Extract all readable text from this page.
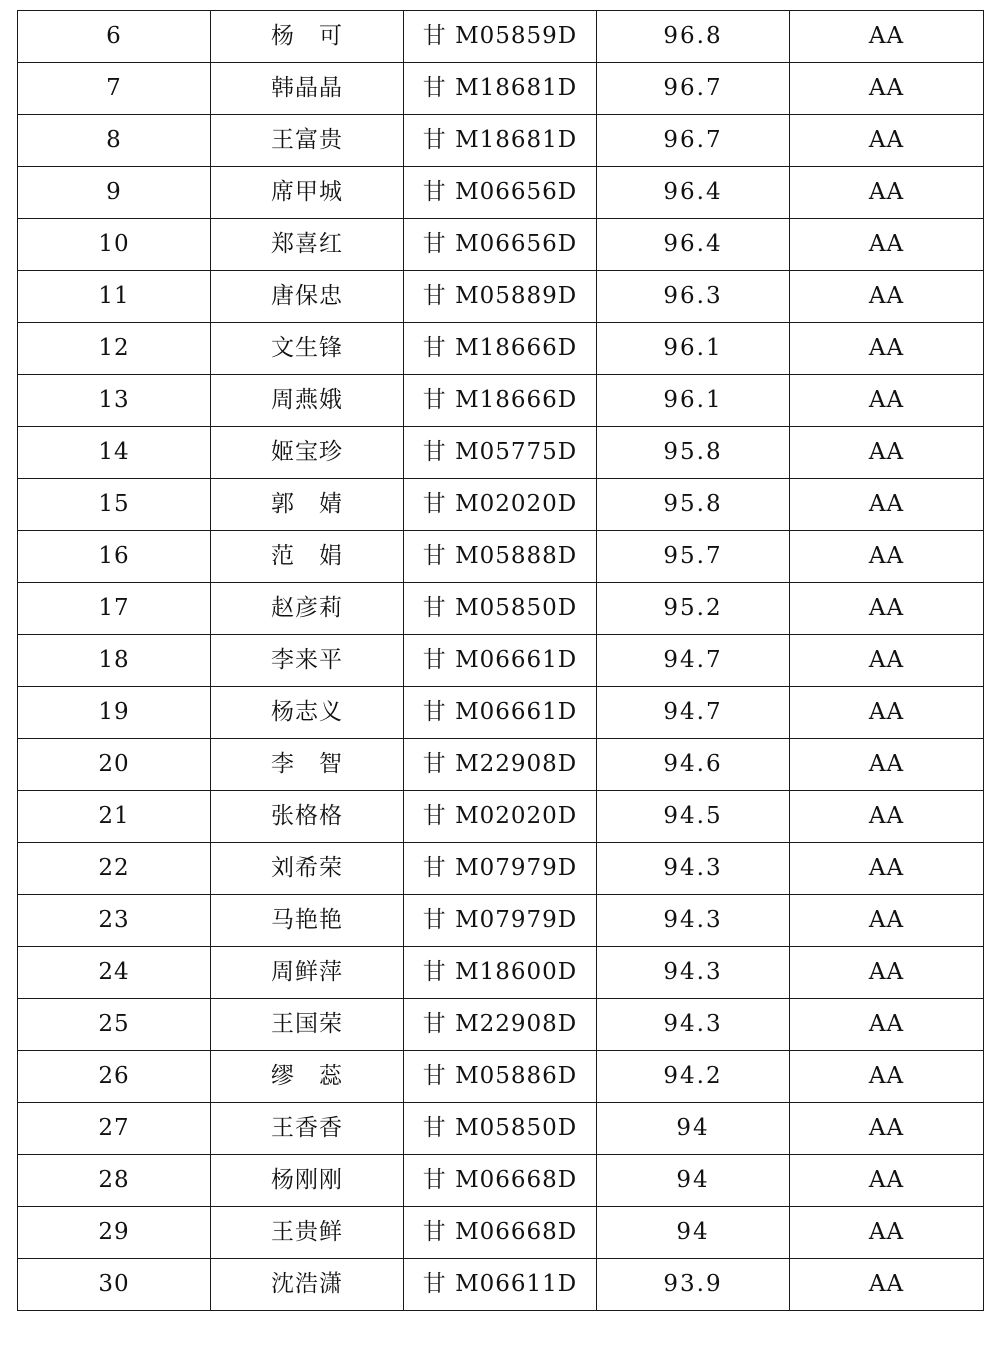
6	杨　可	甘 M05859D	96.8	AA
7	韩晶晶	甘 M18681D	96.7	AA
8	王富贵	甘 M18681D	96.7	AA
9	席甲城	甘 M06656D	96.4	AA
10	郑喜红	甘 M06656D	96.4	AA
11	唐保忠	甘 M05889D	96.3	AA
12	文生锋	甘 M18666D	96.1	AA
13	周燕娥	甘 M18666D	96.1	AA
14	姬宝珍	甘 M05775D	95.8	AA
15	郭　婧	甘 M02020D	95.8	AA
16	范　娟	甘 M05888D	95.7	AA
17	赵彦莉	甘 M05850D	95.2	AA
18	李来平	甘 M06661D	94.7	AA
19	杨志义	甘 M06661D	94.7	AA
20	李　智	甘 M22908D	94.6	AA
21	张格格	甘 M02020D	94.5	AA
22	刘希荣	甘 M07979D	94.3	AA
23	马艳艳	甘 M07979D	94.3	AA
24	周鲜萍	甘 M18600D	94.3	AA
25	王国荣	甘 M22908D	94.3	AA
26	缪　蕊	甘 M05886D	94.2	AA
27	王香香	甘 M05850D	94	AA
28	杨刚刚	甘 M06668D	94	AA
29	王贵鲜	甘 M06668D	94	AA
30	沈浩潇	甘 M06611D	93.9	AA
